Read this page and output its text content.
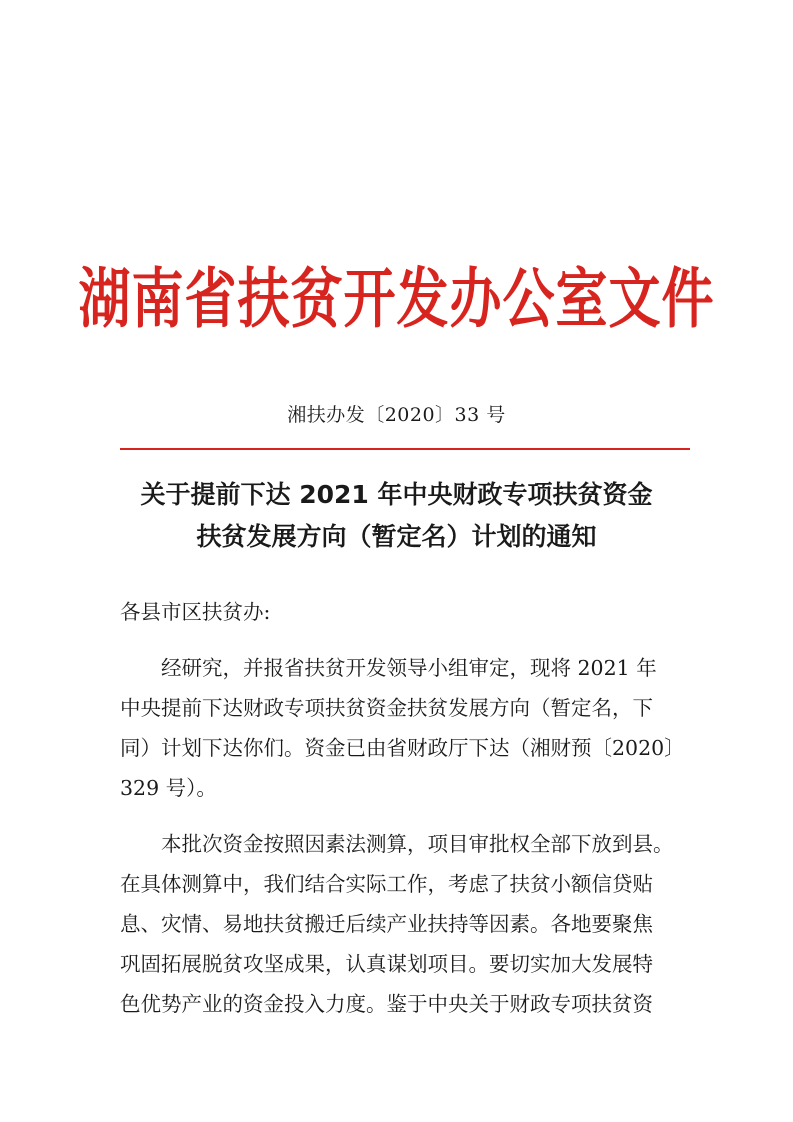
湖南省扶贫开发办公室文件
湘扶办发〔2020〕33 号
关于提前下达 2021 年中央财政专项扶贫资金
扶贫发展方向（暂定名）计划的通知
各县市区扶贫办:
　　经研究，并报省扶贫开发领导小组审定，现将 2021 年
中央提前下达财政专项扶贫资金扶贫发展方向（暂定名，下
同）计划下达你们。资金已由省财政厅下达（湘财预〔2020〕
329 号）。
　　本批次资金按照因素法测算，项目审批权全部下放到县。
在具体测算中，我们结合实际工作，考虑了扶贫小额信贷贴
息、灾情、易地扶贫搬迁后续产业扶持等因素。各地要聚焦
巩固拓展脱贫攻坚成果，认真谋划项目。要切实加大发展特
色优势产业的资金投入力度。鉴于中央关于财政专项扶贫资
